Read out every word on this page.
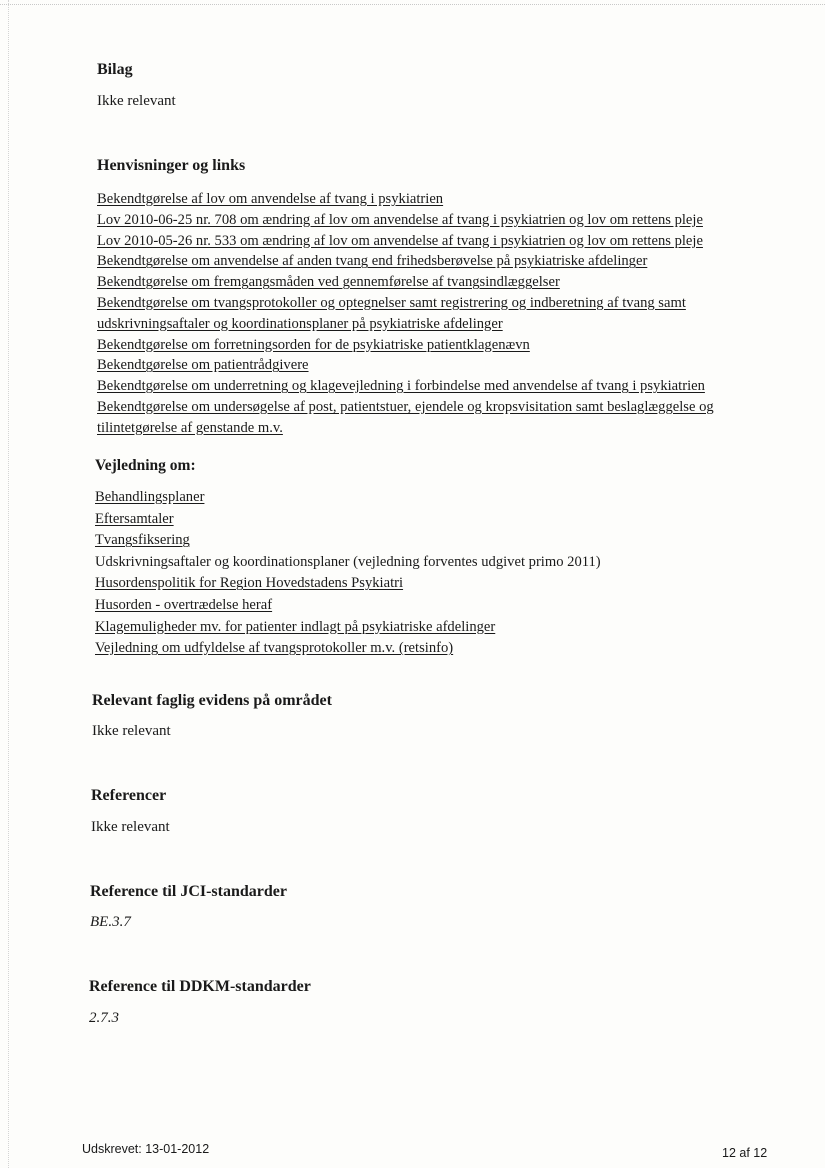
Bilag

Ikke relevant

Henvisninger og links
Bekendtgørelse af lov om anvendelse af tvang i psykiatrien
Lov 2010-06-25 nr. 708 om ændring af lov om anvendelse af tvang i psykiatrien og lov om rettens pleje
Lov 2010-05-26 nr. 533 om ændring af lov om anvendelse af tvang i psykiatrien og lov om rettens pleje
Bekendtgørelse om anvendelse af anden tvang end frihedsberøvelse på psykiatriske afdelinger
Bekendtgørelse om fremgangsmåden ved gennemførelse af tvangsindlæggelser
Bekendtgørelse om tvangsprotokoller og optegnelser samt registrering og indberetning af tvang samt
udskrivningsaftaler og koordinationsplaner på psykiatriske afdelinger
Bekendtgørelse om forretningsorden for de psykiatriske patientklagenævn
Bekendtgørelse om patientrådgivere
Bekendtgørelse om underretning og klagevejledning i forbindelse med anvendelse af tvang i psykiatrien
Bekendtgørelse om undersøgelse af post, patientstuer, ejendele og kropsvisitation samt beslaglæggelse og
tilintetgørelse af genstande m.v.
Vejledning om:
Behandlingsplaner
Eftersamtaler
Tvangsfiksering
Udskrivningsaftaler og koordinationsplaner (vejledning forventes udgivet primo 2011)
Husordenspolitik for Region Hovedstadens Psykiatri
Husorden - overtrædelse heraf
Klagemuligheder mv. for patienter indlagt på psykiatriske afdelinger
Vejledning om udfyldelse af tvangsprotokoller m.v. (retsinfo)
Relevant faglig evidens på området

Ikke relevant

Referencer

Ikke relevant

Reference til JCI-standarder

BE.3.7

Reference til DDKM-standarder

2.7.3

Udskrevet: 13-01-2012	12 af 12
